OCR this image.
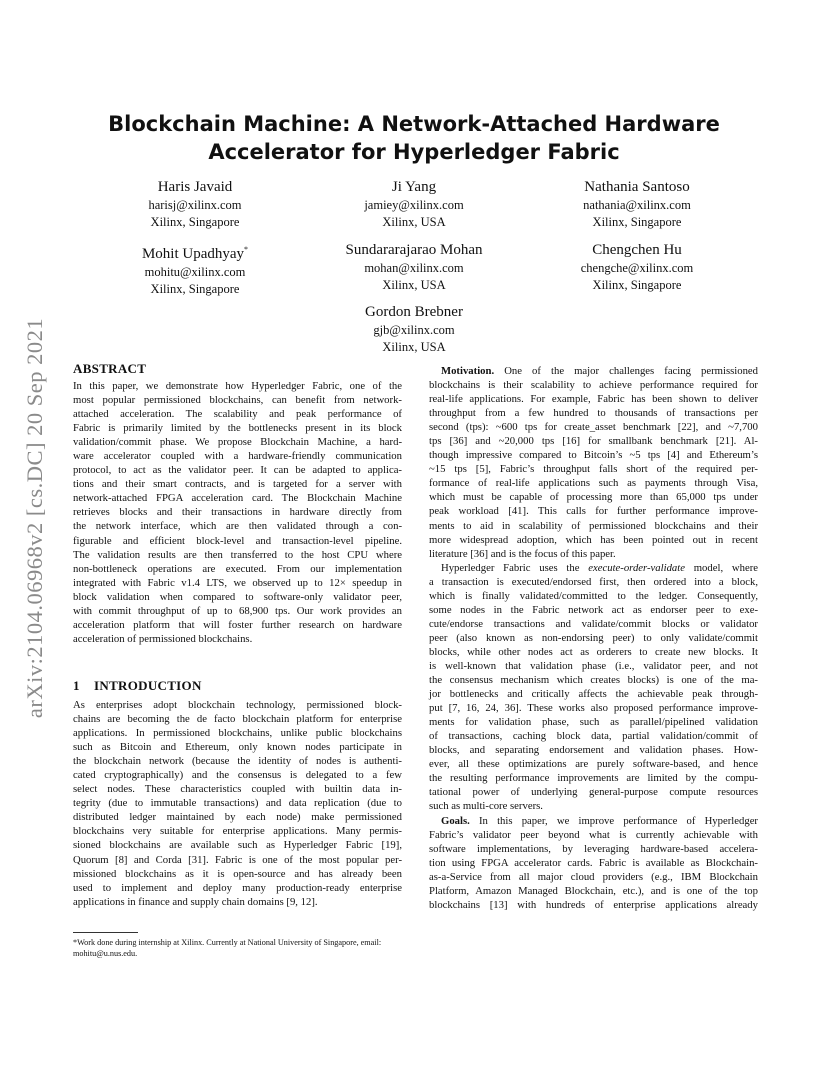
arXiv:2104.06968v2 [cs.DC] 20 Sep 2021
Blockchain Machine: A Network-Attached Hardware
Accelerator for Hyperledger Fabric
Haris Javaid
harisj@xilinx.com
Xilinx, Singapore
Ji Yang
jamiey@xilinx.com
Xilinx, USA
Nathania Santoso
nathania@xilinx.com
Xilinx, Singapore
Mohit Upadhyay*
mohitu@xilinx.com
Xilinx, Singapore
Sundararajarao Mohan
mohan@xilinx.com
Xilinx, USA
Chengchen Hu
chengche@xilinx.com
Xilinx, Singapore
Gordon Brebner
gjb@xilinx.com
Xilinx, USA
ABSTRACT
In this paper, we demonstrate how Hyperledger Fabric, one of the
most popular permissioned blockchains, can benefit from network-
attached acceleration. The scalability and peak performance of
Fabric is primarily limited by the bottlenecks present in its block
validation/commit phase. We propose Blockchain Machine, a hard-
ware accelerator coupled with a hardware-friendly communication
protocol, to act as the validator peer. It can be adapted to applica-
tions and their smart contracts, and is targeted for a server with
network-attached FPGA acceleration card. The Blockchain Machine
retrieves blocks and their transactions in hardware directly from
the network interface, which are then validated through a con-
figurable and efficient block-level and transaction-level pipeline.
The validation results are then transferred to the host CPU where
non-bottleneck operations are executed. From our implementation
integrated with Fabric v1.4 LTS, we observed up to 12× speedup in
block validation when compared to software-only validator peer,
with commit throughput of up to 68,900 tps. Our work provides an
acceleration platform that will foster further research on hardware
acceleration of permissioned blockchains.
1 INTRODUCTION
As enterprises adopt blockchain technology, permissioned block-
chains are becoming the de facto blockchain platform for enterprise
applications. In permissioned blockchains, unlike public blockchains
such as Bitcoin and Ethereum, only known nodes participate in
the blockchain network (because the identity of nodes is authenti-
cated cryptographically) and the consensus is delegated to a few
select nodes. These characteristics coupled with builtin data in-
tegrity (due to immutable transactions) and data replication (due to
distributed ledger maintained by each node) make permissioned
blockchains very suitable for enterprise applications. Many permis-
sioned blockchains are available such as Hyperledger Fabric [19],
Quorum [8] and Corda [31]. Fabric is one of the most popular per-
missioned blockchains as it is open-source and has already been
used to implement and deploy many production-ready enterprise
applications in finance and supply chain domains [9, 12].
*Work done during internship at Xilinx. Currently at National University of Singapore, email: mohitu@u.nus.edu.
Motivation. One of the major challenges facing permissioned
blockchains is their scalability to achieve performance required for
real-life applications. For example, Fabric has been shown to deliver
throughput from a few hundred to thousands of transactions per
second (tps): ~600 tps for create_asset benchmark [22], and ~7,700
tps [36] and ~20,000 tps [16] for smallbank benchmark [21]. Al-
though impressive compared to Bitcoin’s ~5 tps [4] and Ethereum’s
~15 tps [5], Fabric’s throughput falls short of the required per-
formance of real-life applications such as payments through Visa,
which must be capable of processing more than 65,000 tps under
peak workload [41]. This calls for further performance improve-
ments to aid in scalability of permissioned blockchains and their
more widespread adoption, which has been pointed out in recent
literature [36] and is the focus of this paper.
Hyperledger Fabric uses the execute-order-validate model, where
a transaction is executed/endorsed first, then ordered into a block,
which is finally validated/committed to the ledger. Consequently,
some nodes in the Fabric network act as endorser peer to exe-
cute/endorse transactions and validate/commit blocks or validator
peer (also known as non-endorsing peer) to only validate/commit
blocks, while other nodes act as orderers to create new blocks. It
is well-known that validation phase (i.e., validator peer, and not
the consensus mechanism which creates blocks) is one of the ma-
jor bottlenecks and critically affects the achievable peak through-
put [7, 16, 24, 36]. These works also proposed performance improve-
ments for validation phase, such as parallel/pipelined validation
of transactions, caching block data, partial validation/commit of
blocks, and separating endorsement and validation phases. How-
ever, all these optimizations are purely software-based, and hence
the resulting performance improvements are limited by the compu-
tational power of underlying general-purpose compute resources
such as multi-core servers.
Goals. In this paper, we improve performance of Hyperledger
Fabric’s validator peer beyond what is currently achievable with
software implementations, by leveraging hardware-based accelera-
tion using FPGA accelerator cards. Fabric is available as Blockchain-
as-a-Service from all major cloud providers (e.g., IBM Blockchain
Platform, Amazon Managed Blockchain, etc.), and is one of the top
blockchains [13] with hundreds of enterprise applications already
